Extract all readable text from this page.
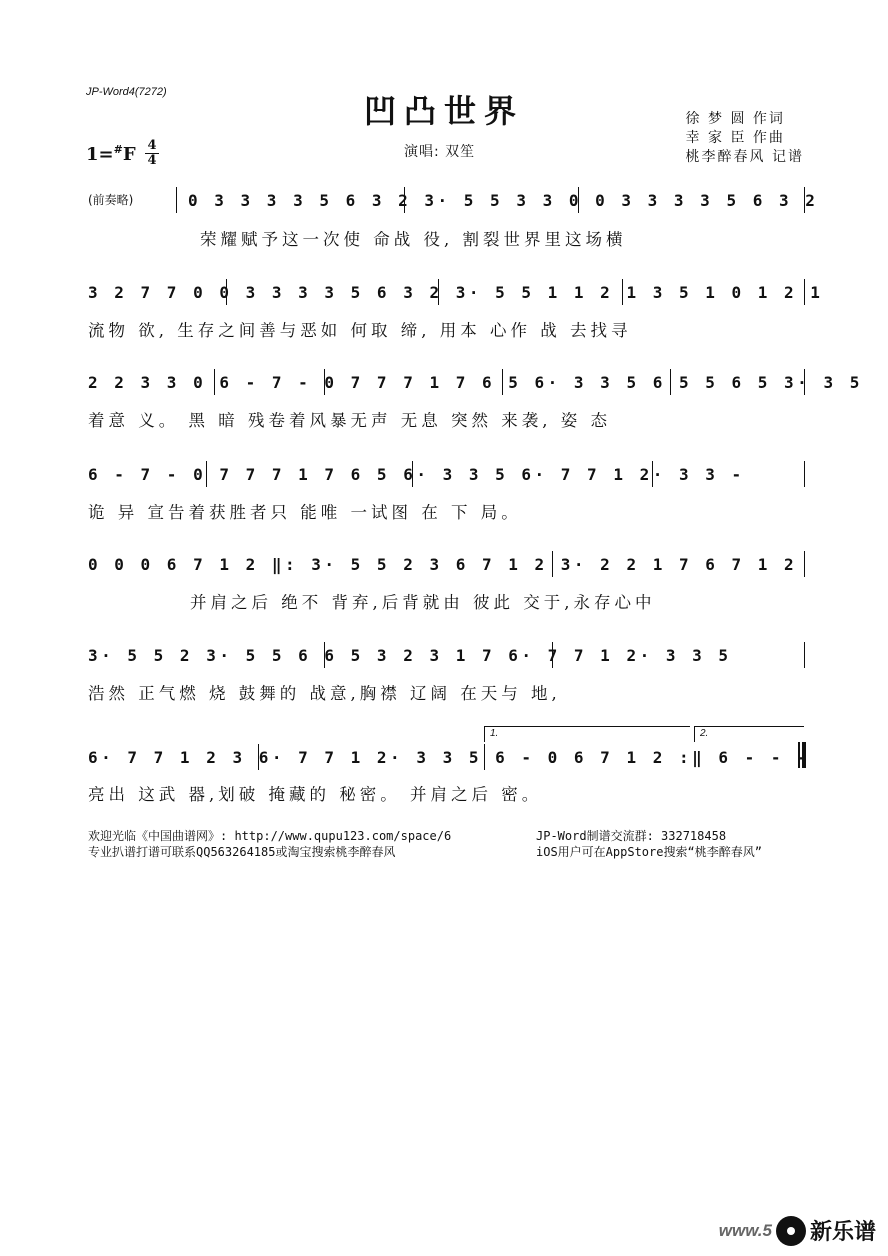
JP-Word4(7272)	凹凸世界	徐 梦 圆 作词
幸 家 臣 作曲
桃李醉春风 记谱
1=#F 4
4
演唱: 双笙
(前奏略)	0 3 3 3 3 5 6 3 2 3· 5 5 3 3 0 0 3 3 3 3 5 6 3 2
荣耀赋予这一次使 命战 役, 割裂世界里这场横
3 2 7 7 0 0 3 3 3 3 5 6 3 2 3· 5 5 1 1 2 1 3 5 1 0 1 2 1
流物 欲, 生存之间善与恶如 何取 缔, 用本 心作 战 去找寻
2 2 3 3 0 6 - 7 - 0 7 7 7 1 7 6 5 6· 3 3 5 6 5 5 6 5 3· 3 5
着意 义。 黑 暗 残卷着风暴无声 无息 突然 来袭, 姿 态
6 - 7 - 0 7 7 7 1 7 6 5 6· 3 3 5 6· 7 7 1 2· 3 3 -
诡 异 宣告着获胜者只 能唯 一试图 在 下 局。
0 0 0 6 7 1 2 ‖: 3· 5 5 2 3 6 7 1 2 3· 2 2 1 7 6 7 1 2
并肩之后 绝不 背弃,后背就由 彼此 交于,永存心中
3· 5 5 2 3· 5 5 6 6 5 3 2 3 1 7 6· 7 7 1 2· 3 3 5
浩然 正气燃 烧 鼓舞的 战意,胸襟 辽阔 在天与 地,
1.	2.
6· 7 7 1 2 3 6· 7 7 1 2· 3 3 5 6 - 0 6 7 1 2 :‖ 6 - - -
亮出 这武 器,划破 掩藏的 秘密。 并肩之后 密。
欢迎光临《中国曲谱网》: http://www.qupu123.com/space/6
专业扒谱打谱可联系QQ563264185或淘宝搜索桃李醉春风
JP-Word制谱交流群: 332718458
iOS用户可在AppStore搜索“桃李醉春风”
www.5 新乐谱
